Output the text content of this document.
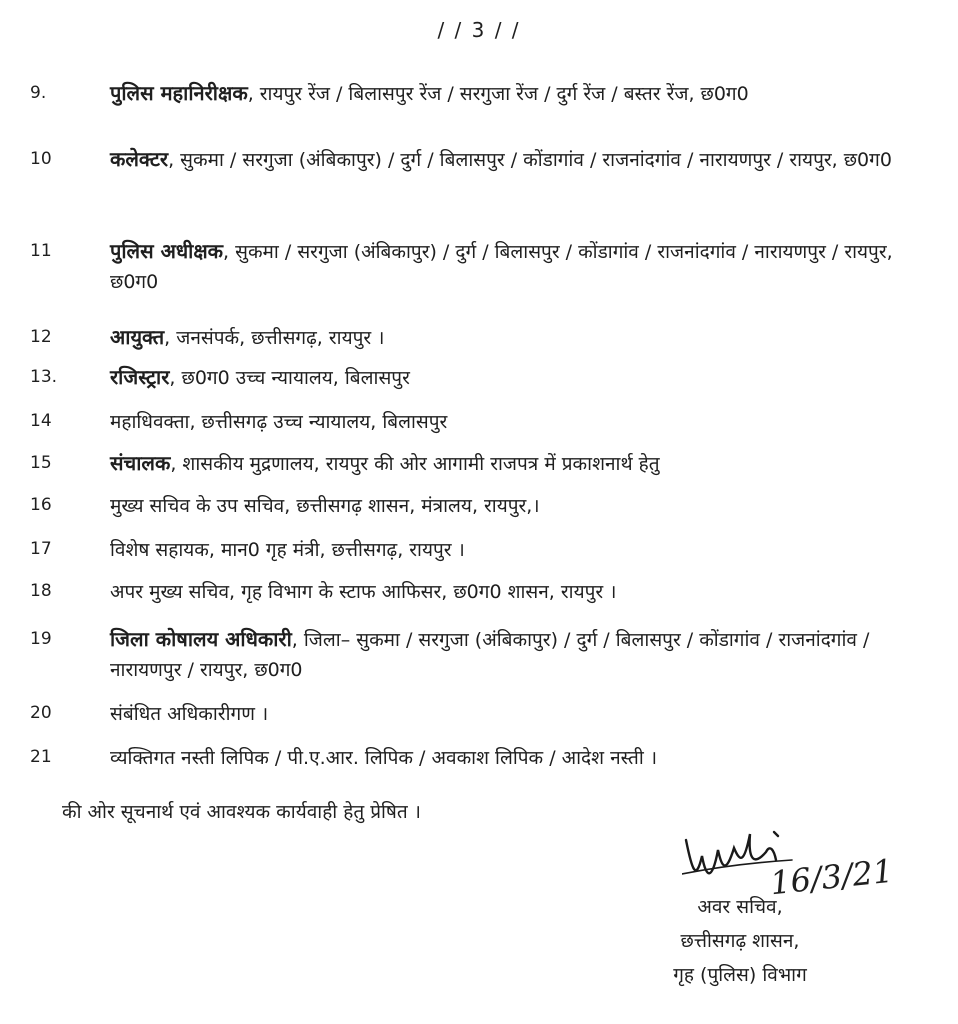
/ / 3 / /
9.	पुलिस महानिरीक्षक, रायपुर रेंज / बिलासपुर रेंज / सरगुजा रेंज / दुर्ग रेंज / बस्तर रेंज, छ0ग0
10	कलेक्टर, सुकमा / सरगुजा (अंबिकापुर) / दुर्ग / बिलासपुर / कोंडागांव / राजनांदगांव / नारायणपुर / रायपुर, छ0ग0
11	पुलिस अधीक्षक, सुकमा / सरगुजा (अंबिकापुर) / दुर्ग / बिलासपुर / कोंडागांव / राजनांदगांव / नारायणपुर / रायपुर, छ0ग0
12	आयुक्त, जनसंपर्क, छत्तीसगढ़, रायपुर ।
13.	रजिस्ट्रार, छ0ग0 उच्च न्यायालय, बिलासपुर
14	महाधिवक्ता, छत्तीसगढ़ उच्च न्यायालय, बिलासपुर
15	संचालक, शासकीय मुद्रणालय, रायपुर की ओर आगामी राजपत्र में प्रकाशनार्थ हेतु
16	मुख्य सचिव के उप सचिव, छत्तीसगढ़ शासन, मंत्रालय, रायपुर,।
17	विशेष सहायक, मान0 गृह मंत्री, छत्तीसगढ़, रायपुर ।
18	अपर मुख्य सचिव, गृह विभाग के स्टाफ आफिसर, छ0ग0 शासन, रायपुर ।
19	जिला कोषालय अधिकारी, जिला– सुकमा / सरगुजा (अंबिकापुर) / दुर्ग / बिलासपुर / कोंडागांव / राजनांदगांव / नारायणपुर / रायपुर, छ0ग0
20	संबंधित अधिकारीगण ।
21	व्यक्तिगत नस्ती लिपिक / पी.ए.आर. लिपिक / अवकाश लिपिक / आदेश नस्ती ।
की ओर सूचनार्थ एवं आवश्यक कार्यवाही हेतु प्रेषित ।
16/3/21
अवर सचिव,
छत्तीसगढ़ शासन,
गृह (पुलिस) विभाग
